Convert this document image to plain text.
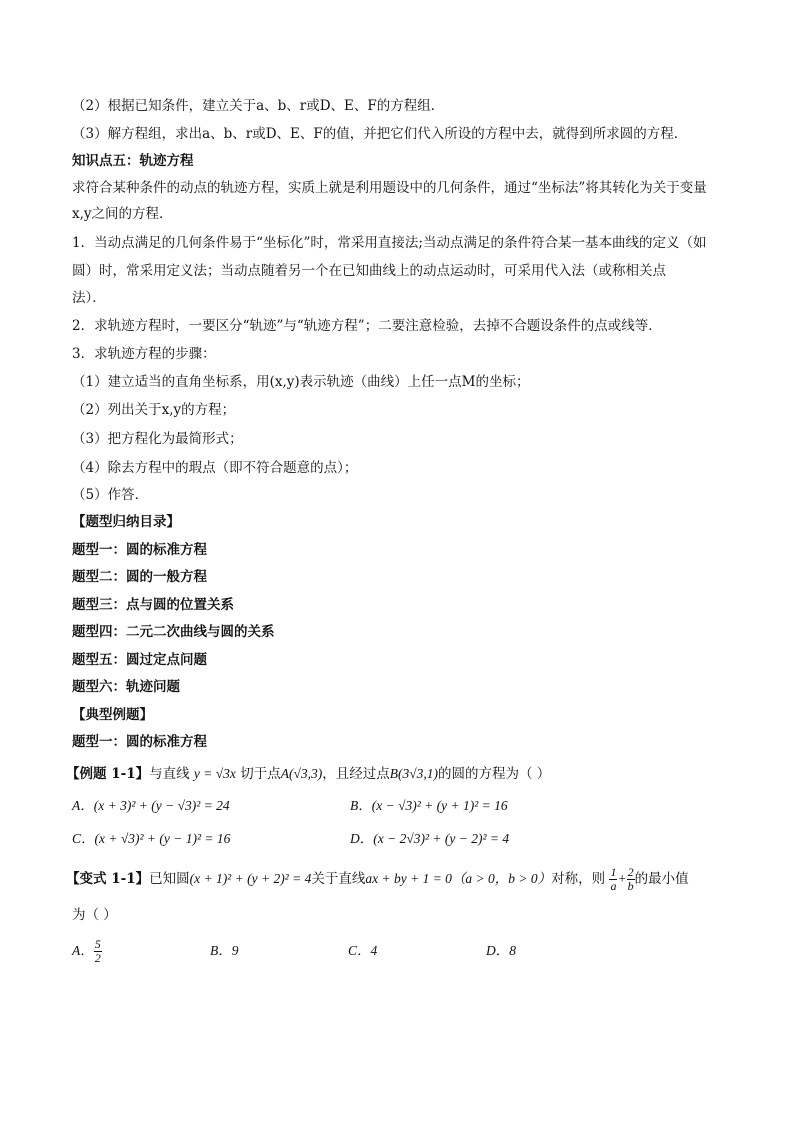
（2）根据已知条件，建立关于a、b、r或D、E、F的方程组．
（3）解方程组，求出a、b、r或D、E、F的值，并把它们代入所设的方程中去，就得到所求圆的方程．
知识点五：轨迹方程
求符合某种条件的动点的轨迹方程，实质上就是利用题设中的几何条件，通过“坐标法”将其转化为关于变量
x,y之间的方程．
1．当动点满足的几何条件易于“坐标化”时，常采用直接法;当动点满足的条件符合某一基本曲线的定义（如
圆）时，常采用定义法；当动点随着另一个在已知曲线上的动点运动时，可采用代入法（或称相关点
法）．
2．求轨迹方程时，一要区分“轨迹”与“轨迹方程”；二要注意检验，去掉不合题设条件的点或线等．
3．求轨迹方程的步骤：
（1）建立适当的直角坐标系，用(x,y)表示轨迹（曲线）上任一点M的坐标；
（2）列出关于x,y的方程；
（3）把方程化为最简形式；
（4）除去方程中的瑕点（即不符合题意的点）；
（5）作答．
【题型归纳目录】
题型一：圆的标准方程
题型二：圆的一般方程
题型三：点与圆的位置关系
题型四：二元二次曲线与圆的关系
题型五：圆过定点问题
题型六：轨迹问题
【典型例题】
题型一：圆的标准方程
【例题 1-1】与直线 y = √3x 切于点A(√3,3)，且经过点B(3√3,1)的圆的方程为（ ）
A．(x + 3)² + (y − √3)² = 24	B．(x − √3)² + (y + 1)² = 16
C．(x + √3)² + (y − 1)² = 16	D．(x − 2√3)² + (y − 2)² = 4
【变式 1-1】已知圆(x + 1)² + (y + 2)² = 4关于直线ax + by + 1 = 0（a > 0，b > 0）对称，则 $\frac{1}{a} + \frac{2}{b}$ 的最小值
为（ ）
A． $\frac{5}{2}$	B．9	C．4	D．8
